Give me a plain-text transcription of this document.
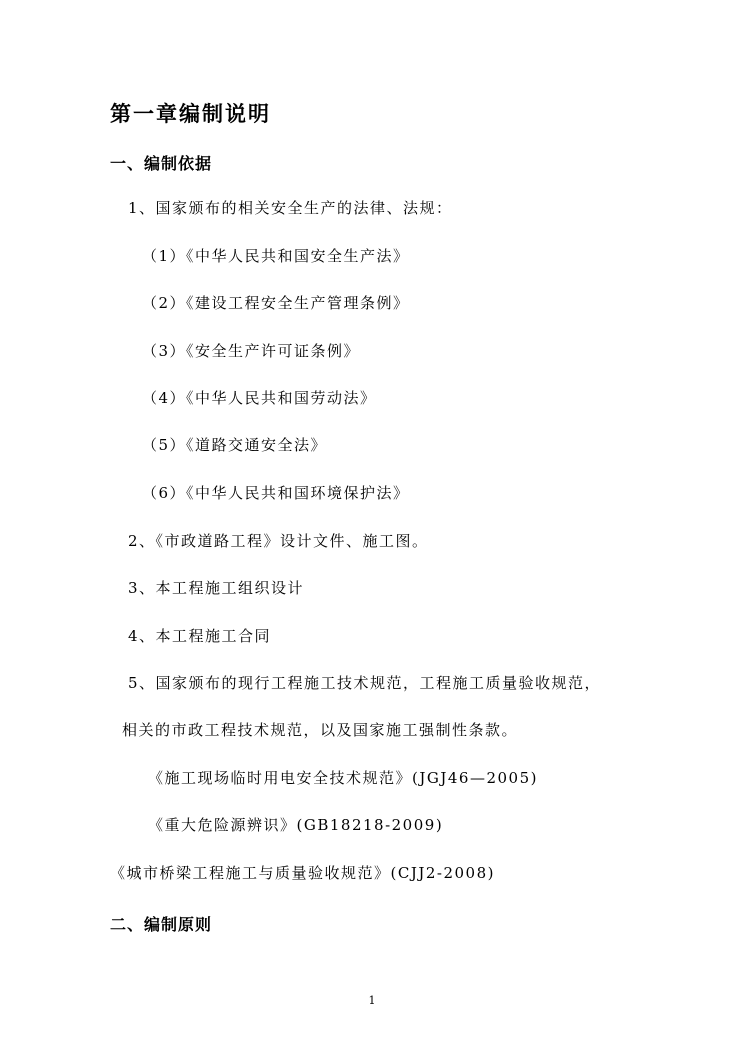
第一章编制说明
一、编制依据
1、国家颁布的相关安全生产的法律、法规：
（1）《中华人民共和国安全生产法》
（2）《建设工程安全生产管理条例》
（3）《安全生产许可证条例》
（4）《中华人民共和国劳动法》
（5）《道路交通安全法》
（6）《中华人民共和国环境保护法》
2、《市政道路工程》设计文件、施工图。
3、本工程施工组织设计
4、本工程施工合同
5、国家颁布的现行工程施工技术规范，工程施工质量验收规范，
相关的市政工程技术规范，以及国家施工强制性条款。
《施工现场临时用电安全技术规范》(JGJ46—2005)
《重大危险源辨识》(GB18218-2009)
《城市桥梁工程施工与质量验收规范》(CJJ2-2008)
二、编制原则
1
